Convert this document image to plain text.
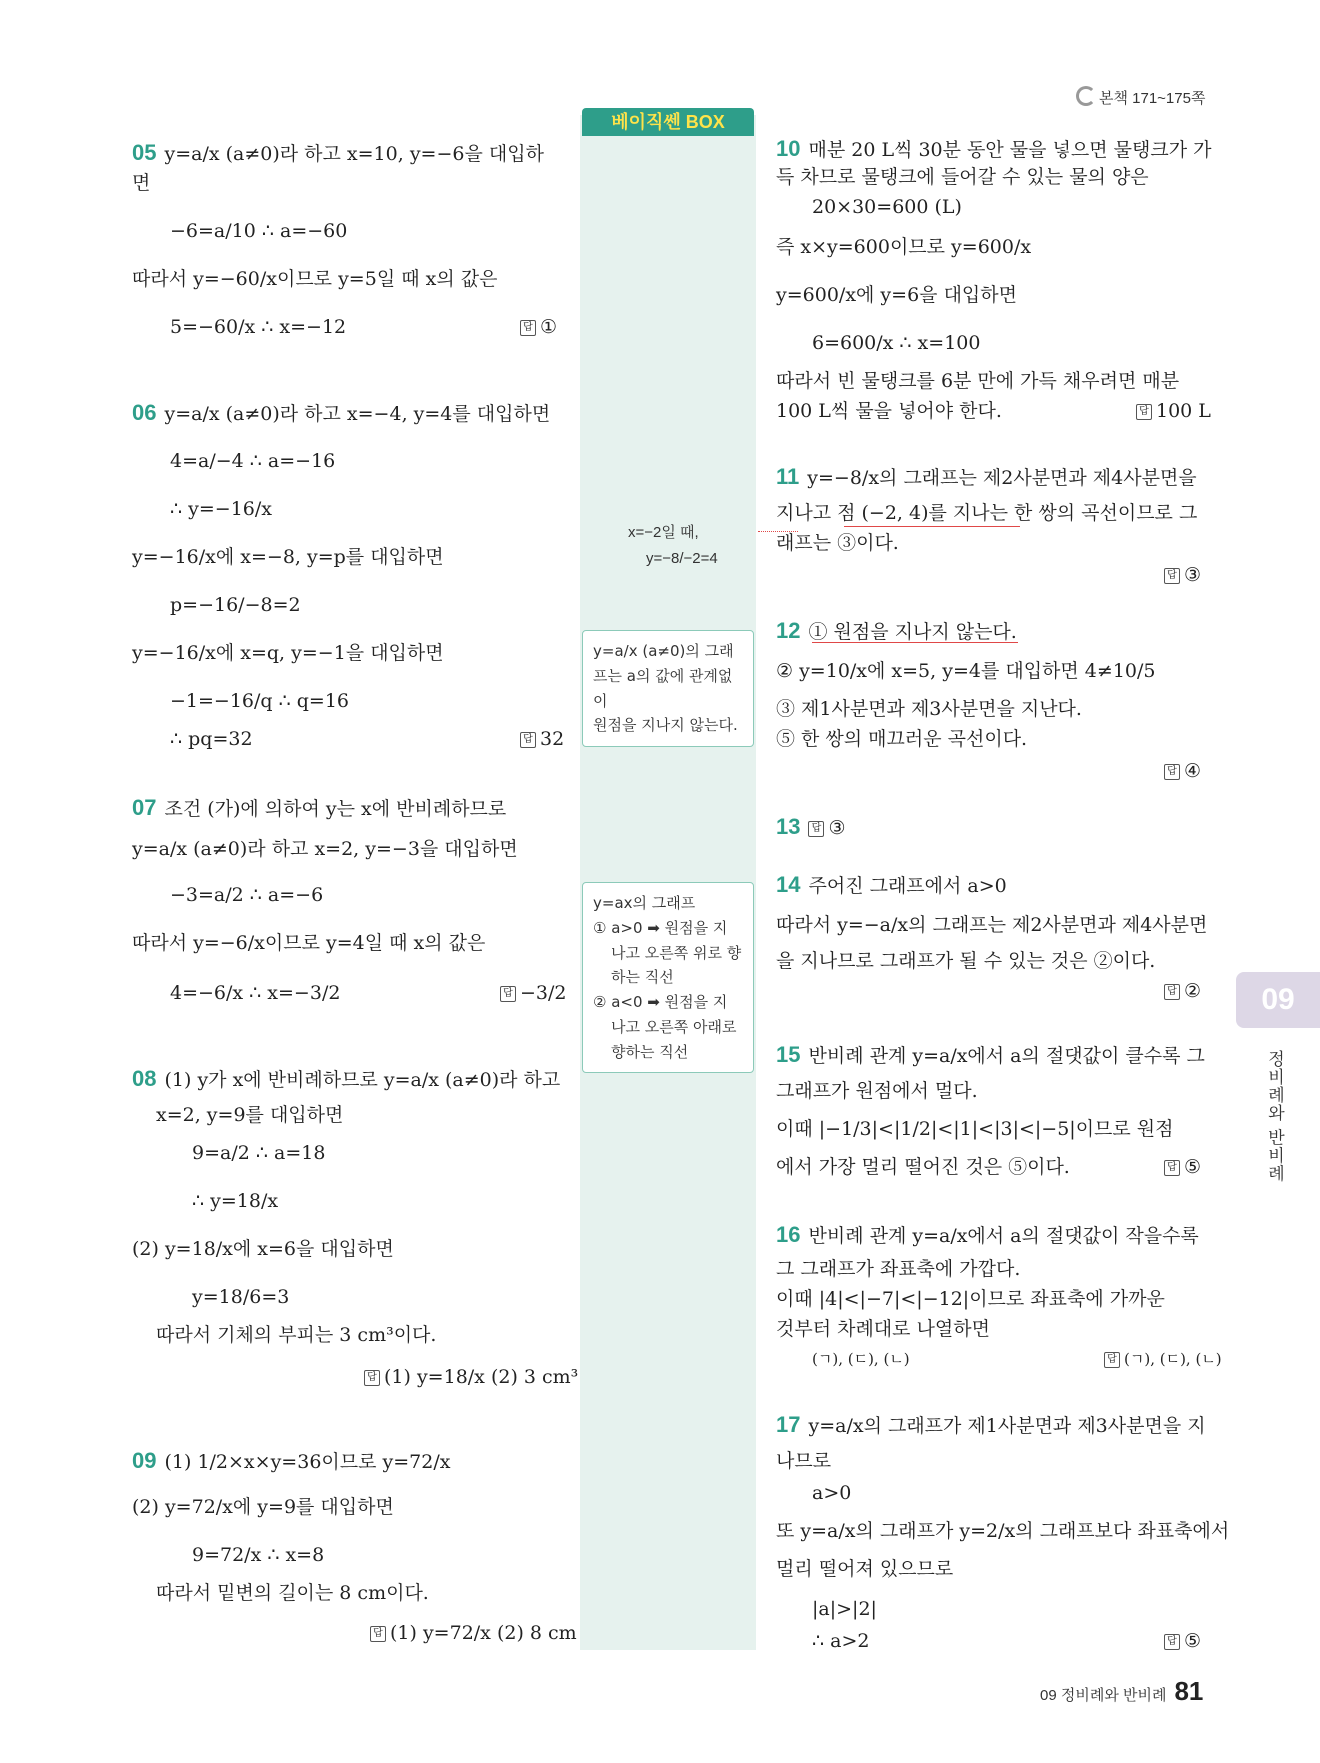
본책 171~175쪽
베이직쎈 BOX
x=−2일 때,
y=−8/−2=4
y=a/x (a≠0)의 그래
프는 a의 값에 관계없이
원점을 지나지 않는다.
y=ax의 그래프
① a>0 ➡ 원점을 지
나고 오른쪽 위로 향
하는 직선
② a<0 ➡ 원점을 지
나고 오른쪽 아래로
향하는 직선
05 y=a/x (a≠0)라 하고 x=10, y=−6을 대입하
면
−6=a/10 ∴ a=−60
따라서 y=−60/x이므로 y=5일 때 x의 값은
5=−60/x ∴ x=−12	답 ①
06 y=a/x (a≠0)라 하고 x=−4, y=4를 대입하면
4=a/−4 ∴ a=−16
∴ y=−16/x
y=−16/x에 x=−8, y=p를 대입하면
p=−16/−8=2
y=−16/x에 x=q, y=−1을 대입하면
−1=−16/q ∴ q=16
∴ pq=32	답 32
07 조건 (가)에 의하여 y는 x에 반비례하므로
y=a/x (a≠0)라 하고 x=2, y=−3을 대입하면
−3=a/2 ∴ a=−6
따라서 y=−6/x이므로 y=4일 때 x의 값은
4=−6/x ∴ x=−3/2	답 −3/2
08 (1) y가 x에 반비례하므로 y=a/x (a≠0)라 하고
x=2, y=9를 대입하면
9=a/2 ∴ a=18
∴ y=18/x
(2) y=18/x에 x=6을 대입하면
y=18/6=3
따라서 기체의 부피는 3 cm³이다.
답 (1) y=18/x (2) 3 cm³
09 (1) 1/2×x×y=36이므로 y=72/x
(2) y=72/x에 y=9를 대입하면
9=72/x ∴ x=8
따라서 밑변의 길이는 8 cm이다.
답 (1) y=72/x (2) 8 cm
10 매분 20 L씩 30분 동안 물을 넣으면 물탱크가 가
득 차므로 물탱크에 들어갈 수 있는 물의 양은
20×30=600 (L)
즉 x×y=600이므로 y=600/x
y=600/x에 y=6을 대입하면
6=600/x ∴ x=100
따라서 빈 물탱크를 6분 만에 가득 채우려면 매분
100 L씩 물을 넣어야 한다.	답 100 L
11 y=−8/x의 그래프는 제2사분면과 제4사분면을
지나고 점 (−2, 4)를 지나는 한 쌍의 곡선이므로 그
래프는 ③이다.
답 ③
12 ① 원점을 지나지 않는다.
② y=10/x에 x=5, y=4를 대입하면 4≠10/5
③ 제1사분면과 제3사분면을 지난다.
⑤ 한 쌍의 매끄러운 곡선이다.
답 ④
13 답 ③
14 주어진 그래프에서 a>0
따라서 y=−a/x의 그래프는 제2사분면과 제4사분면
을 지나므로 그래프가 될 수 있는 것은 ②이다.
답 ②
15 반비례 관계 y=a/x에서 a의 절댓값이 클수록 그
그래프가 원점에서 멀다.
이때 |−1/3|<|1/2|<|1|<|3|<|−5|이므로 원점
에서 가장 멀리 떨어진 것은 ⑤이다.	답 ⑤
16 반비례 관계 y=a/x에서 a의 절댓값이 작을수록
그 그래프가 좌표축에 가깝다.
이때 |4|<|−7|<|−12|이므로 좌표축에 가까운
것부터 차례대로 나열하면
(ㄱ), (ㄷ), (ㄴ)	답 (ㄱ), (ㄷ), (ㄴ)
17 y=a/x의 그래프가 제1사분면과 제3사분면을 지
나므로
a>0
또 y=a/x의 그래프가 y=2/x의 그래프보다 좌표축에서
멀리 떨어져 있으므로
|a|>|2|
∴ a>2	답 ⑤
09
정비례와 반비례
09 정비례와 반비례 81
